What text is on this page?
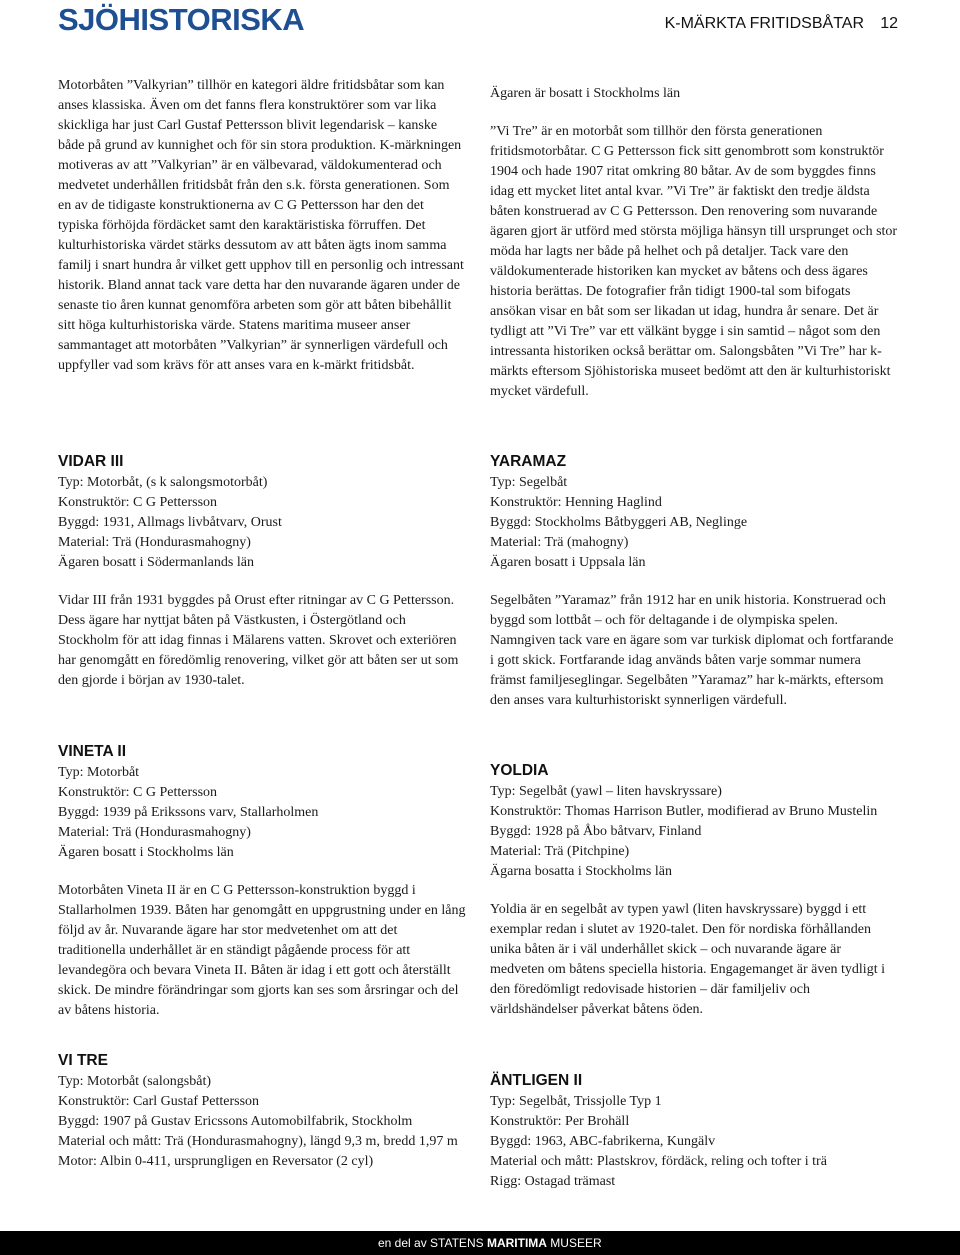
SJÖHISTORISKA	K-MÄRKTA FRITIDSBÅTAR 12

Motorbåten ”Valkyrian” tillhör en kategori äldre fritidsbåtar som kan anses klassiska. Även om det fanns flera konstruktörer som var lika skickliga har just Carl Gustaf Pettersson blivit legendarisk – kanske både på grund av kunnighet och för sin stora produktion. K-märkningen motiveras av att ”Valkyrian” är en välbevarad, väldokumenterad och medvetet underhållen fritidsbåt från den s.k. första generationen. Som en av de tidigaste konstruktionerna av C G Pettersson har den det typiska förhöjda fördäcket samt den karaktäristiska förruffen. Det kulturhistoriska värdet stärks dessutom av att båten ägts inom samma familj i snart hundra år vilket gett upphov till en personlig och intressant historik. Bland annat tack vare detta har den nuvarande ägaren under de senaste tio åren kunnat genomföra arbeten som gör att båten bibehållit sitt höga kulturhistoriska värde. Statens maritima museer anser sammantaget att motorbåten ”Valkyrian” är synnerligen värdefull och uppfyller vad som krävs för att anses vara en k-märkt fritidsbåt.

VIDAR III

Typ: Motorbåt, (s k salongsmotorbåt)

Konstruktör: C G Pettersson

Byggd: 1931, Allmags livbåtvarv, Orust

Material: Trä (Hondurasmahogny)

Ägaren bosatt i Södermanlands län

Vidar III från 1931 byggdes på Orust efter ritningar av C G Pettersson. Dess ägare har nyttjat båten på Västkusten, i Östergötland och Stockholm för att idag finnas i Mälarens vatten. Skrovet och exteriören har genomgått en föredömlig renovering, vilket gör att båten ser ut som den gjorde i början av 1930-talet.

VINETA II

Typ: Motorbåt

Konstruktör: C G Pettersson

Byggd: 1939 på Erikssons varv, Stallarholmen

Material: Trä (Hondurasmahogny)

Ägaren bosatt i Stockholms län

Motorbåten Vineta II är en C G Pettersson-konstruktion byggd i Stallarholmen 1939. Båten har genomgått en uppgrustning under en lång följd av år. Nuvarande ägare har stor medvetenhet om att det traditionella underhållet är en ständigt pågående process för att levandegöra och bevara Vineta II. Båten är idag i ett gott och återställt skick. De mindre förändringar som gjorts kan ses som årsringar och del av båtens historia.

VI TRE

Typ: Motorbåt (salongsbåt)

Konstruktör: Carl Gustaf Pettersson

Byggd: 1907 på Gustav Ericssons Automobilfabrik, Stockholm

Material och mått: Trä (Hondurasmahogny), längd 9,3 m, bredd 1,97 m

Motor: Albin 0-411, ursprungligen en Reversator (2 cyl)

Ägaren är bosatt i Stockholms län

”Vi Tre” är en motorbåt som tillhör den första generationen fritidsmotorbåtar. C G Pettersson fick sitt genombrott som konstruktör 1904 och hade 1907 ritat omkring 80 båtar. Av de som byggdes finns idag ett mycket litet antal kvar. ”Vi Tre” är faktiskt den tredje äldsta båten konstruerad av C G Pettersson. Den renovering som nuvarande ägaren gjort är utförd med största möjliga hänsyn till ursprunget och stor möda har lagts ner både på helhet och på detaljer. Tack vare den väldokumenterade historiken kan mycket av båtens och dess ägares historia berättas. De fotografier från tidigt 1900-tal som bifogats ansökan visar en båt som ser likadan ut idag, hundra år senare. Det är tydligt att ”Vi Tre” var ett välkänt bygge i sin samtid – något som den intressanta historiken också berättar om. Salongsbåten ”Vi Tre” har k-märkts eftersom Sjöhistoriska museet bedömt att den är kulturhistoriskt mycket värdefull.

YARAMAZ

Typ: Segelbåt

Konstruktör: Henning Haglind

Byggd: Stockholms Båtbyggeri AB, Neglinge

Material: Trä (mahogny)

Ägaren bosatt i Uppsala län

Segelbåten ”Yaramaz” från 1912 har en unik historia. Konstruerad och byggd som lottbåt – och för deltagande i de olympiska spelen. Namngiven tack vare en ägare som var turkisk diplomat och fortfarande i gott skick. Fortfarande idag används båten varje sommar numera främst familjeseglingar. Segelbåten ”Yaramaz” har k-märkts, eftersom den anses vara kulturhistoriskt synnerligen värdefull.

YOLDIA

Typ: Segelbåt (yawl – liten havskryssare)

Konstruktör: Thomas Harrison Butler, modifierad av Bruno Mustelin

Byggd: 1928 på Åbo båtvarv, Finland

Material: Trä (Pitchpine)

Ägarna bosatta i Stockholms län

Yoldia är en segelbåt av typen yawl (liten havskryssare) byggd i ett exemplar redan i slutet av 1920-talet. Den för nordiska förhållanden unika båten är i väl underhållet skick – och nuvarande ägare är medveten om båtens speciella historia. Engagemanget är även tydligt i den föredömligt redovisade historien – där familjeliv och världshändelser påverkat båtens öden.

ÄNTLIGEN II

Typ: Segelbåt, Trissjolle Typ 1

Konstruktör: Per Brohäll

Byggd: 1963, ABC-fabrikerna, Kungälv

Material och mått: Plastskrov, fördäck, reling och tofter i trä

Rigg: Ostagad trämast

en del av STATENS MARITIMA MUSEER
